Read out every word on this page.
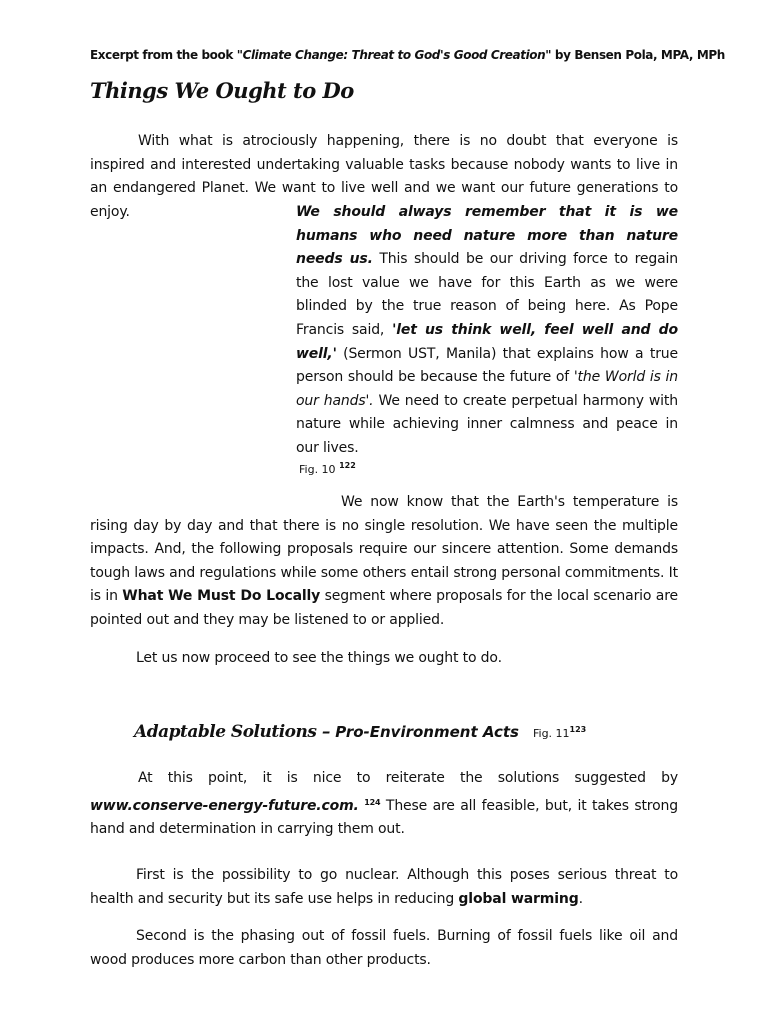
Excerpt from the book "Climate Change: Threat to God's Good Creation" by Bensen Pola, MPA, MPh
Things We Ought to Do
With what is atrociously happening, there is no doubt that everyone is inspired and interested undertaking valuable tasks because nobody wants to live in an endangered Planet. We want to live well and we want our future generations to enjoy.	We should always remember that it is we humans who need nature more than nature needs us. This should be our driving force to regain the lost value we have for this Earth as we were blinded by the true reason of being here. As Pope Francis said, 'let us think well, feel well and do well,' (Sermon UST, Manila) that explains how a true person should be because the future of 'the World is in our hands'. We need to create perpetual harmony with nature while achieving inner calmness and peace in our lives.
Fig. 10 $^{122}$
We now know that the Earth's temperature is rising day by day and that there is no single resolution. We have seen the multiple impacts. And, the following proposals require our sincere attention. Some demands tough laws and regulations while some others entail strong personal commitments. It is in What We Must Do Locally segment where proposals for the local scenario are pointed out and they may be listened to or applied.
Let us now proceed to see the things we ought to do.
Adaptable Solutions – Pro-Environment Acts Fig. $11^{123}$
At this point, it is nice to reiterate the solutions suggested by www.conserve-energy-future.com. $^{124}$ These are all feasible, but, it takes strong hand and determination in carrying them out.
First is the possibility to go nuclear. Although this poses serious threat to health and security but its safe use helps in reducing global warming.
Second is the phasing out of fossil fuels. Burning of fossil fuels like oil and wood produces more carbon than other products.
